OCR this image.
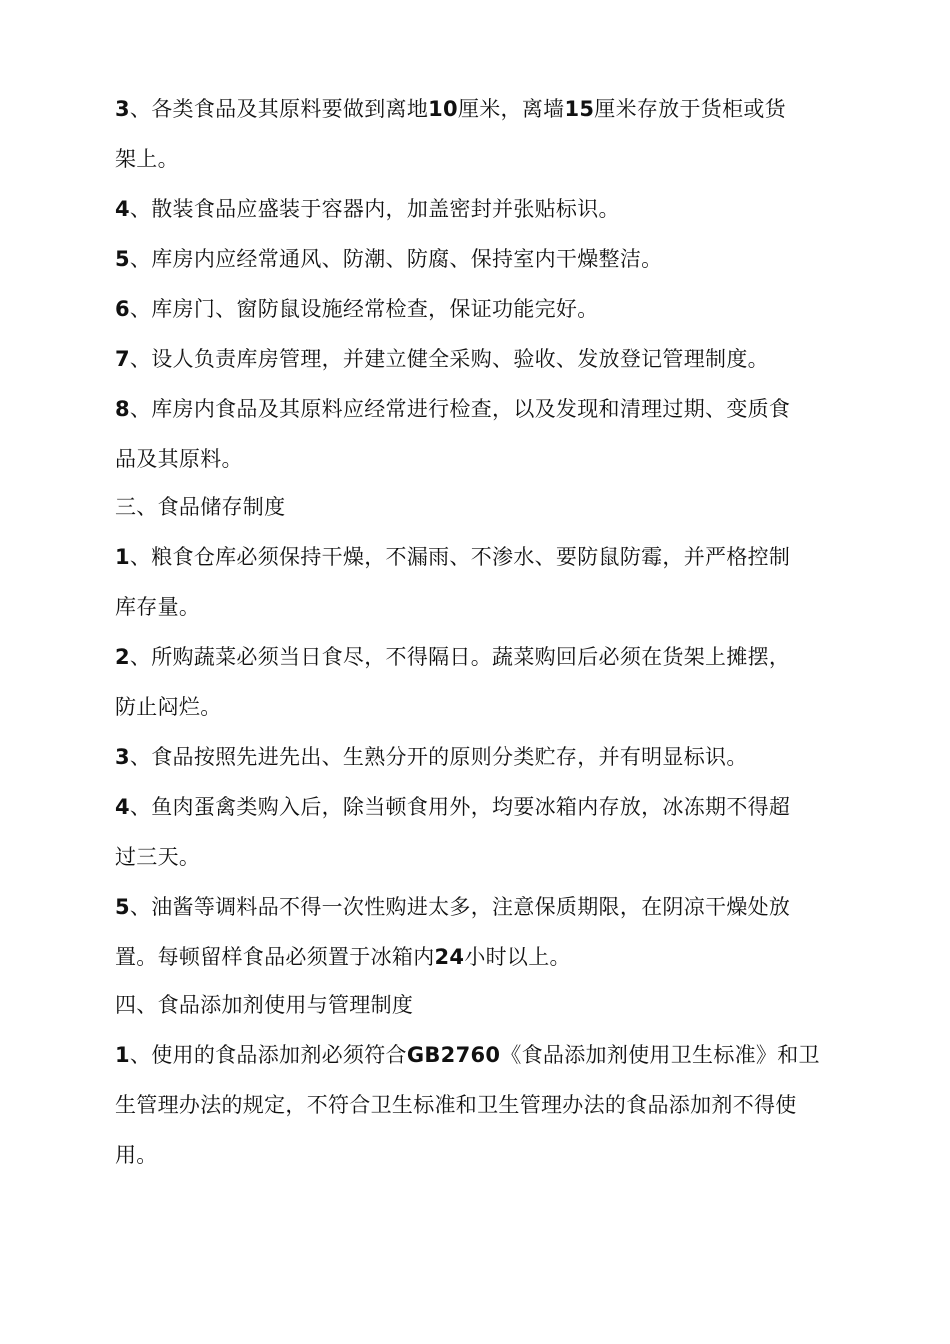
3、各类食品及其原料要做到离地10厘米，离墙15厘米存放于货柜或货
架上。
4、散装食品应盛装于容器内，加盖密封并张贴标识。
5、库房内应经常通风、防潮、防腐、保持室内干燥整洁。
6、库房门、窗防鼠设施经常检查，保证功能完好。
7、设人负责库房管理，并建立健全采购、验收、发放登记管理制度。
8、库房内食品及其原料应经常进行检查，以及发现和清理过期、变质食
品及其原料。
三、食品储存制度
1、粮食仓库必须保持干燥，不漏雨、不渗水、要防鼠防霉，并严格控制
库存量。
2、所购蔬菜必须当日食尽，不得隔日。蔬菜购回后必须在货架上摊摆，
防止闷烂。
3、食品按照先进先出、生熟分开的原则分类贮存，并有明显标识。
4、鱼肉蛋禽类购入后，除当顿食用外，均要冰箱内存放，冰冻期不得超
过三天。
5、油酱等调料品不得一次性购进太多，注意保质期限，在阴凉干燥处放
置。每顿留样食品必须置于冰箱内24小时以上。
四、食品添加剂使用与管理制度
1、使用的食品添加剂必须符合GB2760《食品添加剂使用卫生标准》和卫
生管理办法的规定，不符合卫生标准和卫生管理办法的食品添加剂不得使
用。
